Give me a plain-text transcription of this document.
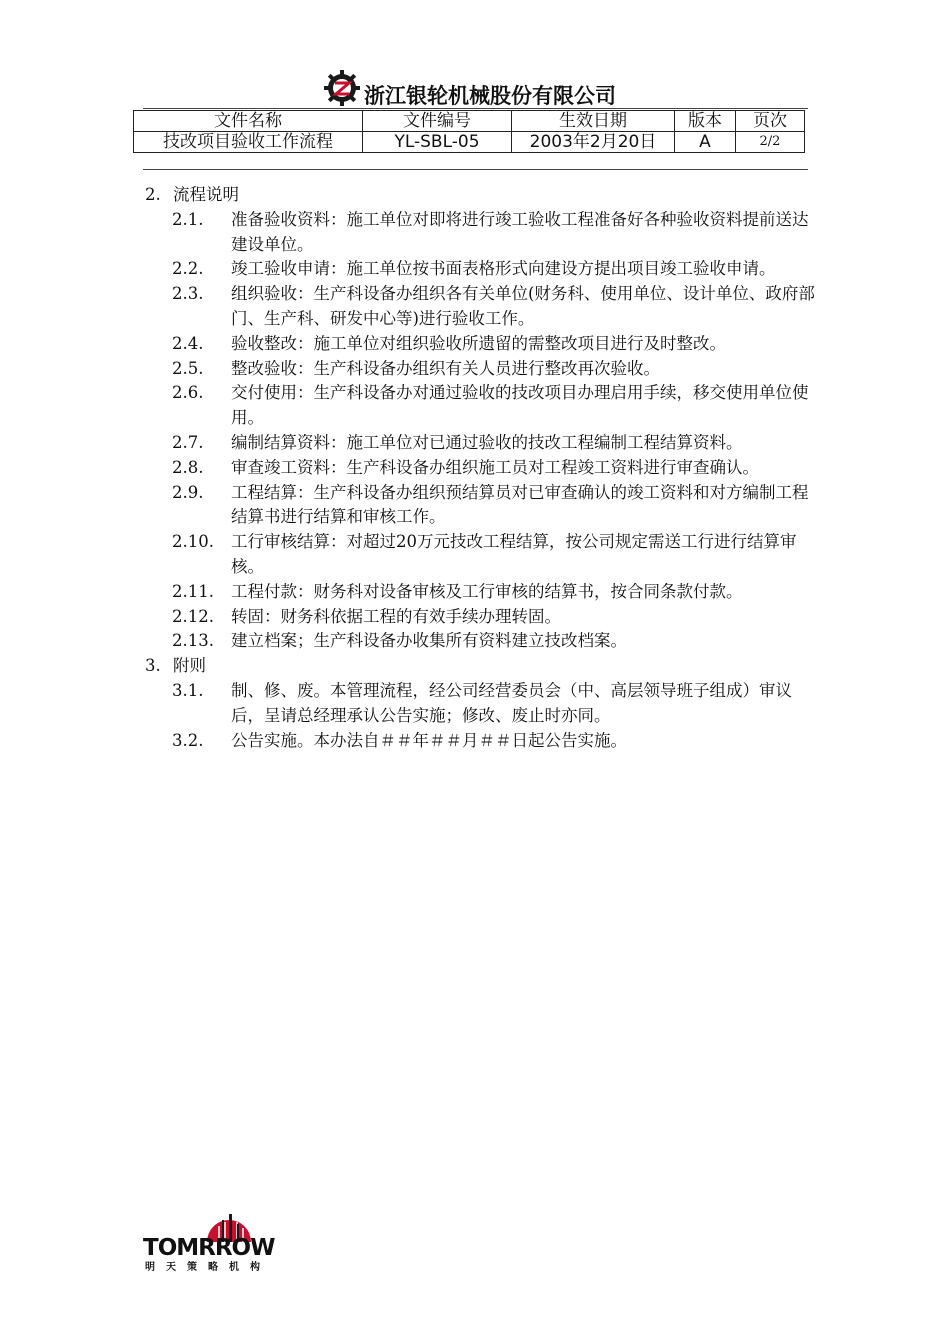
浙江银轮机械股份有限公司
文件名称	文件编号	生效日期	版本	页次
技改项目验收工作流程	YL-SBL-05	2003年2月20日	A	2/2
2. 流程说明
2.1.	准备验收资料：施工单位对即将进行竣工验收工程准备好各种验收资料提前送达建设单位。
2.2.	竣工验收申请：施工单位按书面表格形式向建设方提出项目竣工验收申请。
2.3.	组织验收：生产科设备办组织各有关单位(财务科、使用单位、设计单位、政府部门、生产科、研发中心等)进行验收工作。
2.4.	验收整改：施工单位对组织验收所遗留的需整改项目进行及时整改。
2.5.	整改验收：生产科设备办组织有关人员进行整改再次验收。
2.6.	交付使用：生产科设备办对通过验收的技改项目办理启用手续，移交使用单位使用。
2.7.	编制结算资料：施工单位对已通过验收的技改工程编制工程结算资料。
2.8.	审查竣工资料：生产科设备办组织施工员对工程竣工资料进行审查确认。
2.9.	工程结算：生产科设备办组织预结算员对已审查确认的竣工资料和对方编制工程结算书进行结算和审核工作。
2.10.	工行审核结算：对超过20万元技改工程结算，按公司规定需送工行进行结算审核。
2.11.	工程付款：财务科对设备审核及工行审核的结算书，按合同条款付款。
2.12.	转固：财务科依据工程的有效手续办理转固。
2.13.	建立档案；生产科设备办收集所有资料建立技改档案。
3. 附则
3.1.	制、修、废。本管理流程，经公司经营委员会（中、高层领导班子组成）审议后，呈请总经理承认公告实施；修改、废止时亦同。
3.2.	公告实施。本办法自＃＃年＃＃月＃＃日起公告实施。
TOMRROW
明天策略机构
